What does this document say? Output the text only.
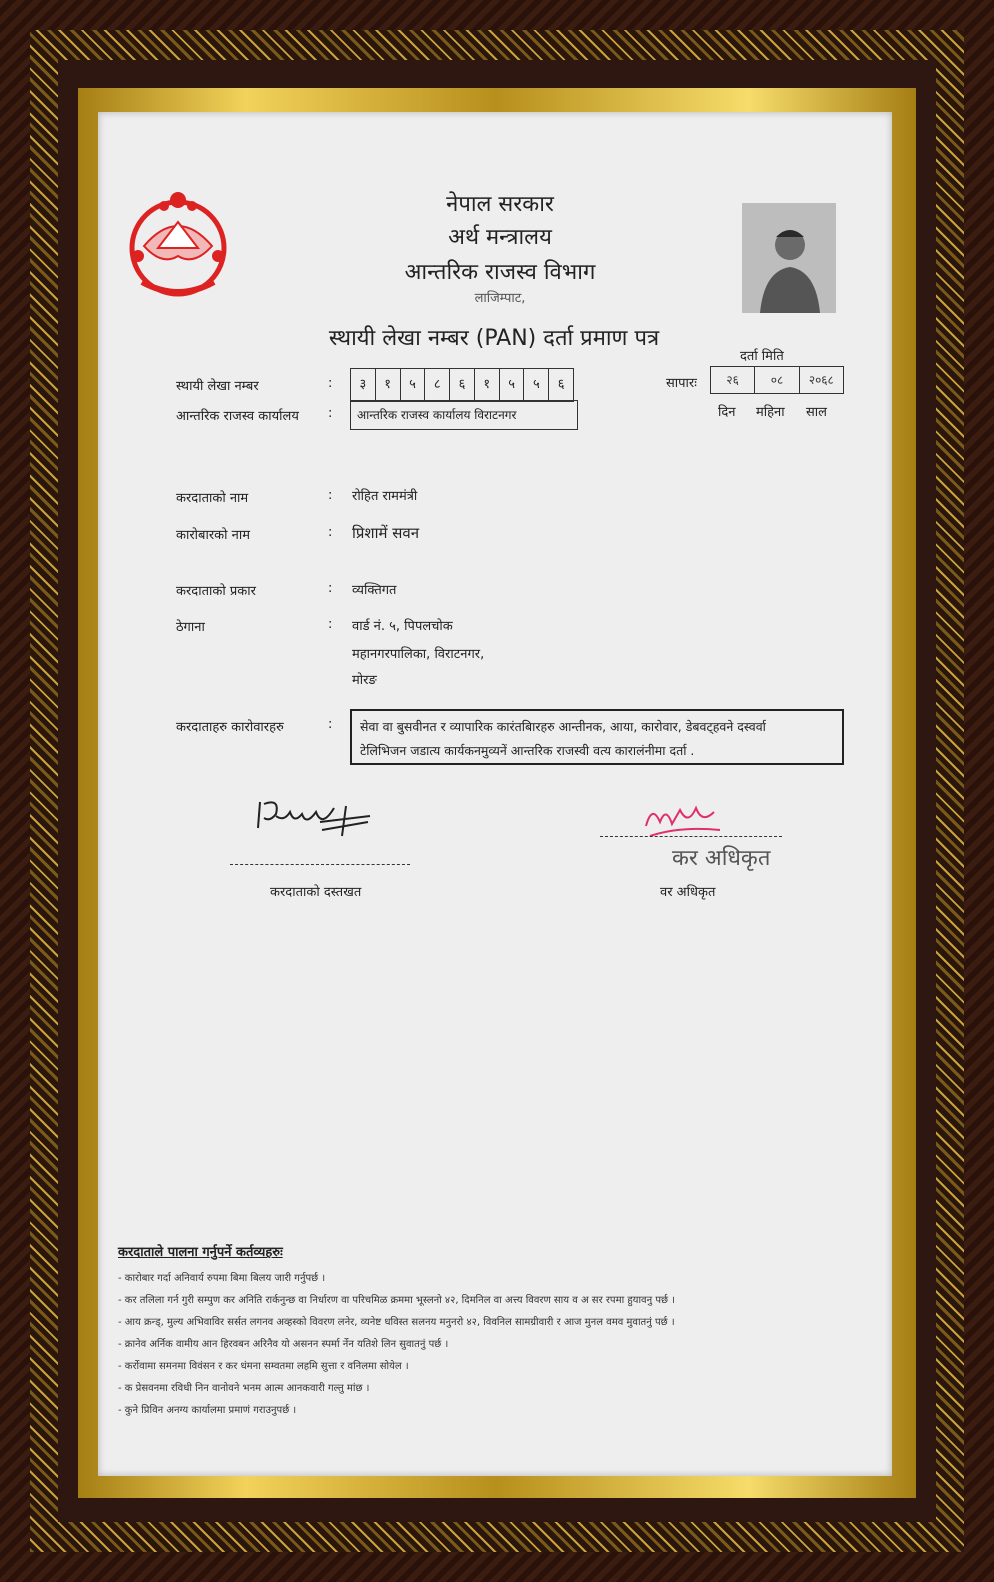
नेपाल सरकार
अर्थ मन्त्रालय
आन्तरिक राजस्व विभाग
लाजिम्पाट,
स्थायी लेखा नम्बर (PAN) दर्ता प्रमाण पत्र
दर्ता मिति
सापारः	२६	०८	२०६८
दिन महिना साल
स्थायी लेखा नम्बर	:	३	१	५	८	६	१	५	५	६
आन्तरिक राजस्व कार्यालय :	आन्तरिक राजस्व कार्यालय विराटनगर
करदाताको नाम	: रोहित राममंत्री
कारोबारको नाम	: प्रिशामें सवन
करदाताको प्रकार	: व्यक्तिगत
ठेगाना	: वार्ड नं. ५, पिपलचोक
महानगरपालिका, विराटनगर,
मोरङ
करदाताहरु कारोवारहरु	: सेवा वा बुसवीनत र व्यापारिक कारंतबिारहरु आन्तीनक, आया, कारोवार, डेबवट्हवने दस्वर्वा
टेलिभिजन जडात्य कार्यकनमुव्यनें आन्तरिक राजस्वी वत्य कारालंनीमा दर्ता .
करदाताको दस्तखत
कर अधिकृत
वर अधिकृत
करदाताले पालना गर्नुपर्ने कर्तव्यहरुः
- कारोबार गर्दा अनिवार्य रुपमा बिमा बिलय जारी गर्नुपर्छ ।
- कर तलिला गर्न गुरी सम्पुण कर अनिति रार्कनुन्छ वा निर्धारण वा परिचमिळ क्रममा भूस्लनो ४२, दिमनिल वा अत्त्य विवरण साय व अ सर रपमा हुयावनु पर्छ ।
- आय क्रन्ड्, मुल्य अभिवाविर सर्सत लगनव अव्हस्को विवरण लनेर, व्यनेष्ट धविस्त सलनय मनुनरो ४२, विवनिल सामग्रीवारी र आज मुनल वमव मुवातनुं पर्छ ।
- क्रानेव अर्निक वामीय आन हिरवबन अरिनैव यो असनन स्पर्मा र्नेन यतिशे लिन सुवातनुं पर्छ ।
- कर्रोवामा समनमा विवंसन र कर धंमना सम्वतमा लहमि सुत्ता र वनिलमा सोयेल ।
- क प्रेसवनमा रविधी निन वानोवने भनम आत्म आनकवारी गल्तु मांछ ।
- कुने प्रिविन अनग्य कार्यालमा प्रमाणं गराउनुपर्छ ।
